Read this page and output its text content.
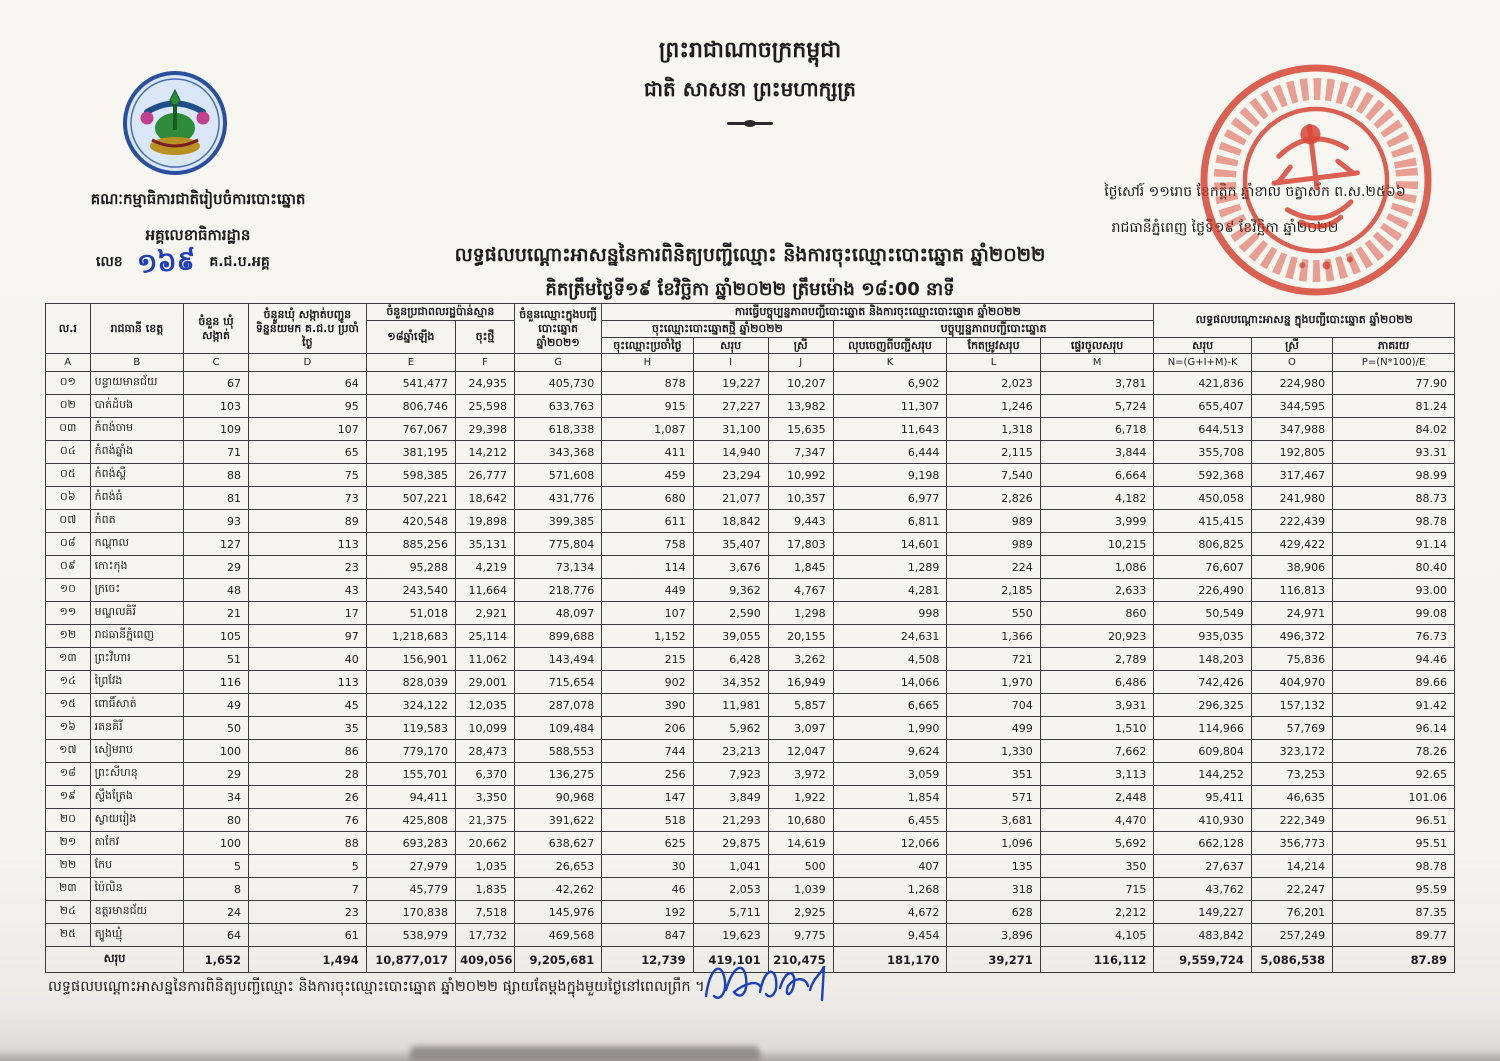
ព្រះរាជាណាចក្រកម្ពុជា
ជាតិ សាសនា ព្រះមហាក្សត្រ
គណៈកម្មាធិការជាតិរៀបចំការបោះឆ្នោត
អគ្គលេខាធិការដ្ឋាន
លេខ ១៦៩ គ.ជ.ប.អគ្គ
ថ្ងៃសៅរ៍ ១១រោច ខែកត្តិក ឆ្នាំខាល ចត្វាស័ក ព.ស.២៥៦៦
រាជធានីភ្នំពេញ ថ្ងៃទី១៩ ខែវិច្ឆិកា ឆ្នាំ២០២២
លទ្ធផលបណ្ដោះអាសន្ននៃការពិនិត្យបញ្ជីឈ្មោះ និងការចុះឈ្មោះបោះឆ្នោត ឆ្នាំ២០២២
គិតត្រឹមថ្ងៃទី១៩ ខែវិច្ឆិកា ឆ្នាំ២០២២ ត្រឹមម៉ោង ១៨:00 នាទី
ល.រ	រាជធានី ខេត្ត	ចំនួន ឃុំ សង្កាត់	ចំនួនឃុំ សង្កាត់បញ្ជូន ទិន្នន័យមក គ.ជ.ប ប្រចាំថ្ងៃ	ចំនួនប្រជាពលរដ្ឋប៉ាន់ស្មាន		ចំនួនឈ្មោះក្នុងបញ្ជីបោះឆ្នោត ឆ្នាំ២០២១	ការធ្វើបច្ចុប្បន្នភាពបញ្ជីបោះឆ្នោត និងការចុះឈ្មោះបោះឆ្នោត ឆ្នាំ២០២២						លទ្ធផលបណ្ដោះអាសន្ន ក្នុងបញ្ជីបោះឆ្នោត ឆ្នាំ២០២២		
				១៨ឆ្នាំឡើង	ចុះថ្មី		ចុះឈ្មោះបោះឆ្នោតថ្មី ឆ្នាំ២០២២			បច្ចុប្បន្នភាពបញ្ជីបោះឆ្នោត					
							ចុះឈ្មោះប្រចាំថ្ងៃ	សរុប	ស្រី	លុបចេញពីបញ្ជីសរុប	កែតម្រូវសរុប	ផ្ទេរចូលសរុប	សរុប	ស្រី	ភាគរយ
A	B	C	D	E	F	G	H	I	J	K	L	M	N=(G+I+M)-K	O	P=(N*100)/E
០១	បន្ទាយមានជ័យ	67	64	541,477	24,935	405,730	878	19,227	10,207	6,902	2,023	3,781	421,836	224,980	77.90
០២	បាត់ដំបង	103	95	806,746	25,598	633,763	915	27,227	13,982	11,307	1,246	5,724	655,407	344,595	81.24
០៣	កំពង់ចាម	109	107	767,067	29,398	618,338	1,087	31,100	15,635	11,643	1,318	6,718	644,513	347,988	84.02
០៤	កំពង់ឆ្នាំង	71	65	381,195	14,212	343,368	411	14,940	7,347	6,444	2,115	3,844	355,708	192,805	93.31
០៥	កំពង់ស្ពឺ	88	75	598,385	26,777	571,608	459	23,294	10,992	9,198	7,540	6,664	592,368	317,467	98.99
០៦	កំពង់ធំ	81	73	507,221	18,642	431,776	680	21,077	10,357	6,977	2,826	4,182	450,058	241,980	88.73
០៧	កំពត	93	89	420,548	19,898	399,385	611	18,842	9,443	6,811	989	3,999	415,415	222,439	98.78
០៨	កណ្ដាល	127	113	885,256	35,131	775,804	758	35,407	17,803	14,601	989	10,215	806,825	429,422	91.14
០៩	កោះកុង	29	23	95,288	4,219	73,134	114	3,676	1,845	1,289	224	1,086	76,607	38,906	80.40
១០	ក្រចេះ	48	43	243,540	11,664	218,776	449	9,362	4,767	4,281	2,185	2,633	226,490	116,813	93.00
១១	មណ្ឌលគិរី	21	17	51,018	2,921	48,097	107	2,590	1,298	998	550	860	50,549	24,971	99.08
១២	រាជធានីភ្នំពេញ	105	97	1,218,683	25,114	899,688	1,152	39,055	20,155	24,631	1,366	20,923	935,035	496,372	76.73
១៣	ព្រះវិហារ	51	40	156,901	11,062	143,494	215	6,428	3,262	4,508	721	2,789	148,203	75,836	94.46
១៤	ព្រៃវែង	116	113	828,039	29,001	715,654	902	34,352	16,949	14,066	1,970	6,486	742,426	404,970	89.66
១៥	ពោធិ៍សាត់	49	45	324,122	12,035	287,078	390	11,981	5,857	6,665	704	3,931	296,325	157,132	91.42
១៦	រតនគិរី	50	35	119,583	10,099	109,484	206	5,962	3,097	1,990	499	1,510	114,966	57,769	96.14
១៧	សៀមរាប	100	86	779,170	28,473	588,553	744	23,213	12,047	9,624	1,330	7,662	609,804	323,172	78.26
១៨	ព្រះសីហនុ	29	28	155,701	6,370	136,275	256	7,923	3,972	3,059	351	3,113	144,252	73,253	92.65
១៩	ស្ទឹងត្រែង	34	26	94,411	3,350	90,968	147	3,849	1,922	1,854	571	2,448	95,411	46,635	101.06
២០	ស្វាយរៀង	80	76	425,808	21,375	391,622	518	21,293	10,680	6,455	3,681	4,470	410,930	222,349	96.51
២១	តាកែវ	100	88	693,283	20,662	638,627	625	29,875	14,619	12,066	1,096	5,692	662,128	356,773	95.51
២២	កែប	5	5	27,979	1,035	26,653	30	1,041	500	407	135	350	27,637	14,214	98.78
២៣	ប៉ៃលិន	8	7	45,779	1,835	42,262	46	2,053	1,039	1,268	318	715	43,762	22,247	95.59
២៤	ឧត្តរមានជ័យ	24	23	170,838	7,518	145,976	192	5,711	2,925	4,672	628	2,212	149,227	76,201	87.35
២៥	ត្បូងឃ្មុំ	64	61	538,979	17,732	469,568	847	19,623	9,775	9,454	3,896	4,105	483,842	257,249	89.77
សរុប		1,652	1,494	10,877,017	409,056	9,205,681	12,739	419,101	210,475	181,170	39,271	116,112	9,559,724	5,086,538	87.89
លទ្ធផលបណ្ដោះអាសន្ននៃការពិនិត្យបញ្ជីឈ្មោះ និងការចុះឈ្មោះបោះឆ្នោត ឆ្នាំ២០២២ ផ្សាយតែម្ដងក្នុងមួយថ្ងៃនៅពេលព្រឹក ។
